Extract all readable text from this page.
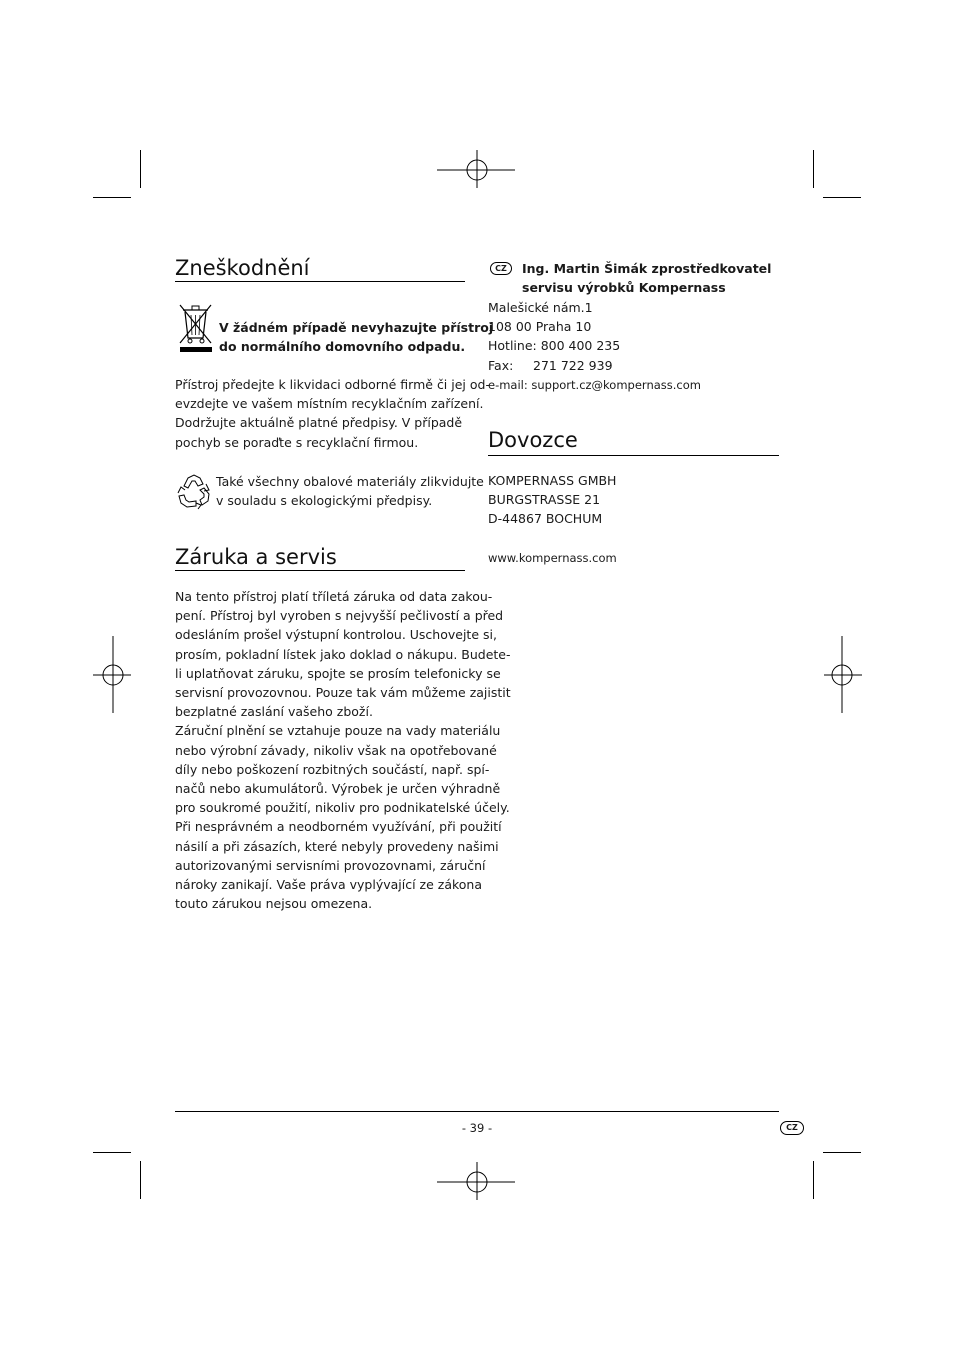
Zneškodnění
V žádném případě nevyhazujte přístroj
do normálního domovního odpadu.
Přístroj předejte k likvidaci odborné firmě či jej od-
evzdejte ve vašem místním recyklačním zařízení.
Dodržujte aktuálně platné předpisy. V případě
pochyb se poraďte s recyklační firmou.
Také všechny obalové materiály zlikvidujte
v souladu s ekologickými předpisy.
Záruka a servis
Na tento přístroj platí tříletá záruka od data zakou-
pení. Přístroj byl vyroben s nejvyšší pečlivostí a před
odesláním prošel výstupní kontrolou. Uschovejte si,
prosím, pokladní lístek jako doklad o nákupu. Budete-
li uplatňovat záruku, spojte se prosím telefonicky se
servisní provozovnou. Pouze tak vám můžeme zajistit
bezplatné zaslání vašeho zboží.
Záruční plnění se vztahuje pouze na vady materiálu
nebo výrobní závady, nikoliv však na opotřebované
díly nebo poškození rozbitných součástí, např. spí-
načů nebo akumulátorů. Výrobek je určen výhradně
pro soukromé použití, nikoliv pro podnikatelské účely.
Při nesprávném a neodborném využívání, při použití
násilí a při zásazích, které nebyly provedeny našimi
autorizovanými servisními provozovnami, záruční
nároky zanikají. Vaše práva vyplývající ze zákona
touto zárukou nejsou omezena.
CZ	Ing. Martin Šimák zprostředkovatel
servisu výrobků Kompernass
Malešické nám.1
108 00 Praha 10
Hotline: 800 400 235
Fax: 271 722 939
e-mail: support.cz@kompernass.com
Dovozce
KOMPERNASS GMBH
BURGSTRASSE 21
D-44867 BOCHUM
www.kompernass.com
- 39 -	CZ
